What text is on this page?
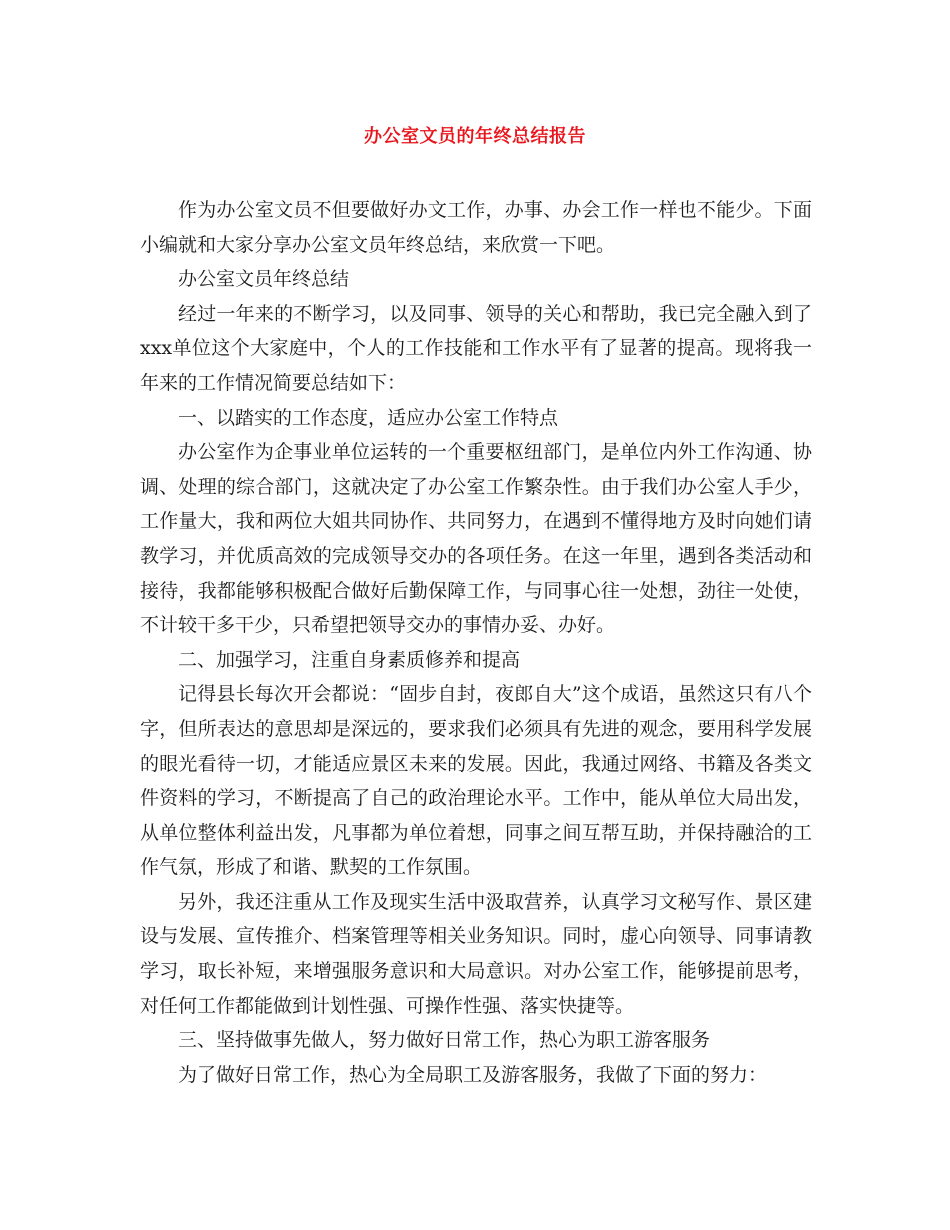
办公室文员的年终总结报告

作为办公室文员不但要做好办文工作，办事、办会工作一样也不能少。下面小编就和大家分享办公室文员年终总结，来欣赏一下吧。

办公室文员年终总结

经过一年来的不断学习，以及同事、领导的关心和帮助，我已完全融入到了xxx单位这个大家庭中，个人的工作技能和工作水平有了显著的提高。现将我一年来的工作情况简要总结如下：

一、以踏实的工作态度，适应办公室工作特点

办公室作为企事业单位运转的一个重要枢纽部门，是单位内外工作沟通、协调、处理的综合部门，这就决定了办公室工作繁杂性。由于我们办公室人手少，工作量大，我和两位大姐共同协作、共同努力，在遇到不懂得地方及时向她们请教学习，并优质高效的完成领导交办的各项任务。在这一年里，遇到各类活动和接待，我都能够积极配合做好后勤保障工作，与同事心往一处想，劲往一处使，不计较干多干少，只希望把领导交办的事情办妥、办好。

二、加强学习，注重自身素质修养和提高

记得县长每次开会都说：“固步自封，夜郎自大”这个成语，虽然这只有八个字，但所表达的意思却是深远的，要求我们必须具有先进的观念，要用科学发展的眼光看待一切，才能适应景区未来的发展。因此，我通过网络、书籍及各类文件资料的学习，不断提高了自己的政治理论水平。工作中，能从单位大局出发，从单位整体利益出发，凡事都为单位着想，同事之间互帮互助，并保持融洽的工作气氛，形成了和谐、默契的工作氛围。

另外，我还注重从工作及现实生活中汲取营养，认真学习文秘写作、景区建设与发展、宣传推介、档案管理等相关业务知识。同时，虚心向领导、同事请教学习，取长补短，来增强服务意识和大局意识。对办公室工作，能够提前思考，对任何工作都能做到计划性强、可操作性强、落实快捷等。

三、坚持做事先做人，努力做好日常工作，热心为职工游客服务

为了做好日常工作，热心为全局职工及游客服务，我做了下面的努力：
